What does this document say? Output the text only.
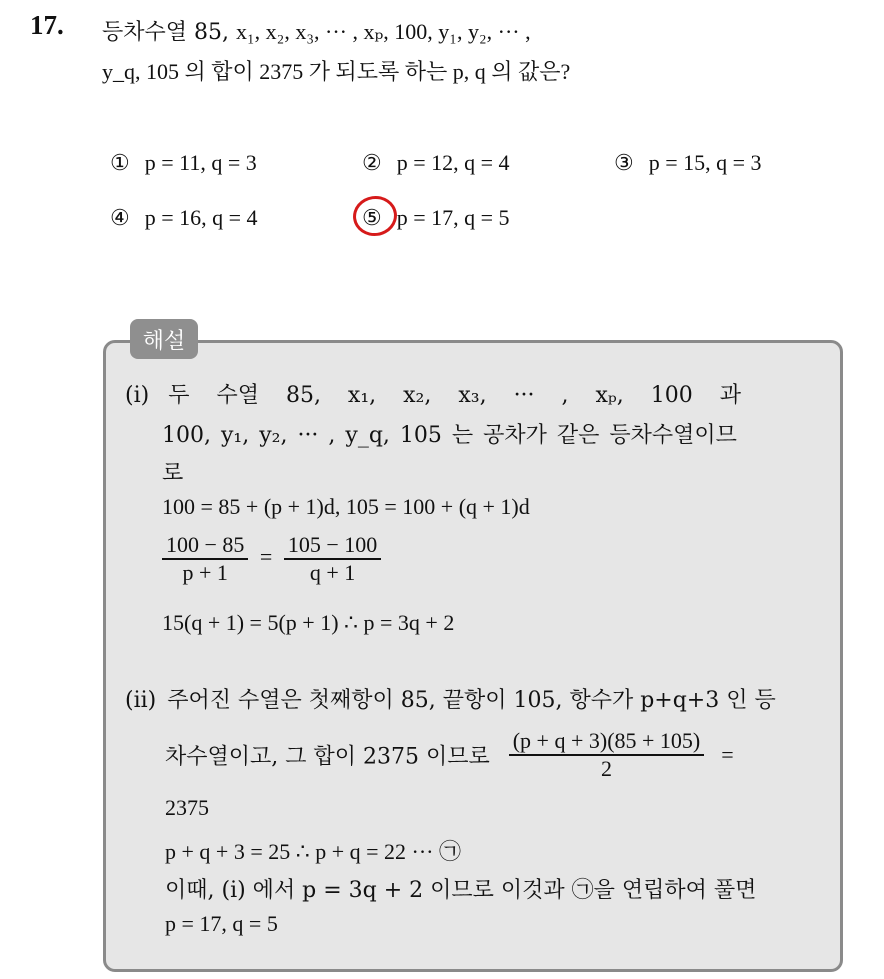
17. 등차수열 85, x₁, x₂, x₃, ··· , xₚ, 100, y₁, y₂, ··· ,
y_q, 105 의 합이 2375 가 되도록 하는 p, q 의 값은?
① p = 11, q = 3	② p = 12, q = 4	③ p = 15, q = 3
④ p = 16, q = 4	⑤ p = 17, q = 5
해설
(i) 두 수열 85, x₁, x₂, x₃, ··· , xₚ, 100 과
100, y₁, y₂, ··· , y_q, 105 는 공차가 같은 등차수열이므
로
100 = 85 + (p + 1)d, 105 = 100 + (q + 1)d
$\frac{100 - 85}{p + 1} = \frac{105 - 100}{q + 1}$
15(q + 1) = 5(p + 1) ∴ p = 3q + 2
(ii) 주어진 수열은 첫째항이 85, 끝항이 105, 항수가 p+q+3 인 등
차수열이고, 그 합이 2375 이므로 $\frac{(p + q + 3)(85 + 105)}{2}$ =
2375
p + q + 3 = 25 ∴ p + q = 22 ··· ㉠
이때, (i) 에서 p = 3q + 2 이므로 이것과 ㉠을 연립하여 풀면
p = 17, q = 5
